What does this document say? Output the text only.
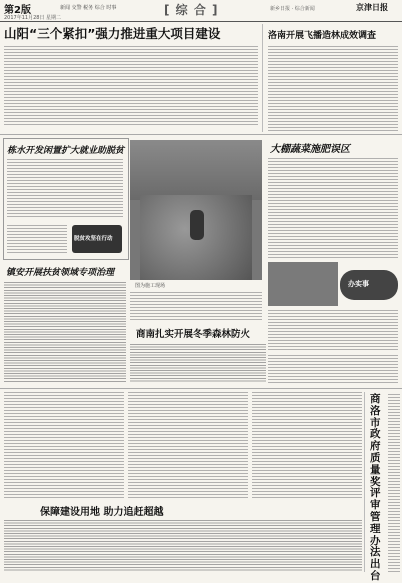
第2版	新闻 交警 税务 综合 时事	[ 综 合 ]	新乡日报 · 综合新闻	京津日报
2017年11月28日 星期二
山阳“三个紧扣”强力推进重大项目建设	洛南开展飞播造林成效调查
栋水开发闲置扩大就业助脱贫
脱贫攻坚在行动
图为施工现场
大棚蔬菜施肥误区
办实事
镇安开展扶贫领域专项治理
商南扎实开展冬季森林防火
保障建设用地 助力追赶超越
商洛市政府质量奖评审管理办法出台
